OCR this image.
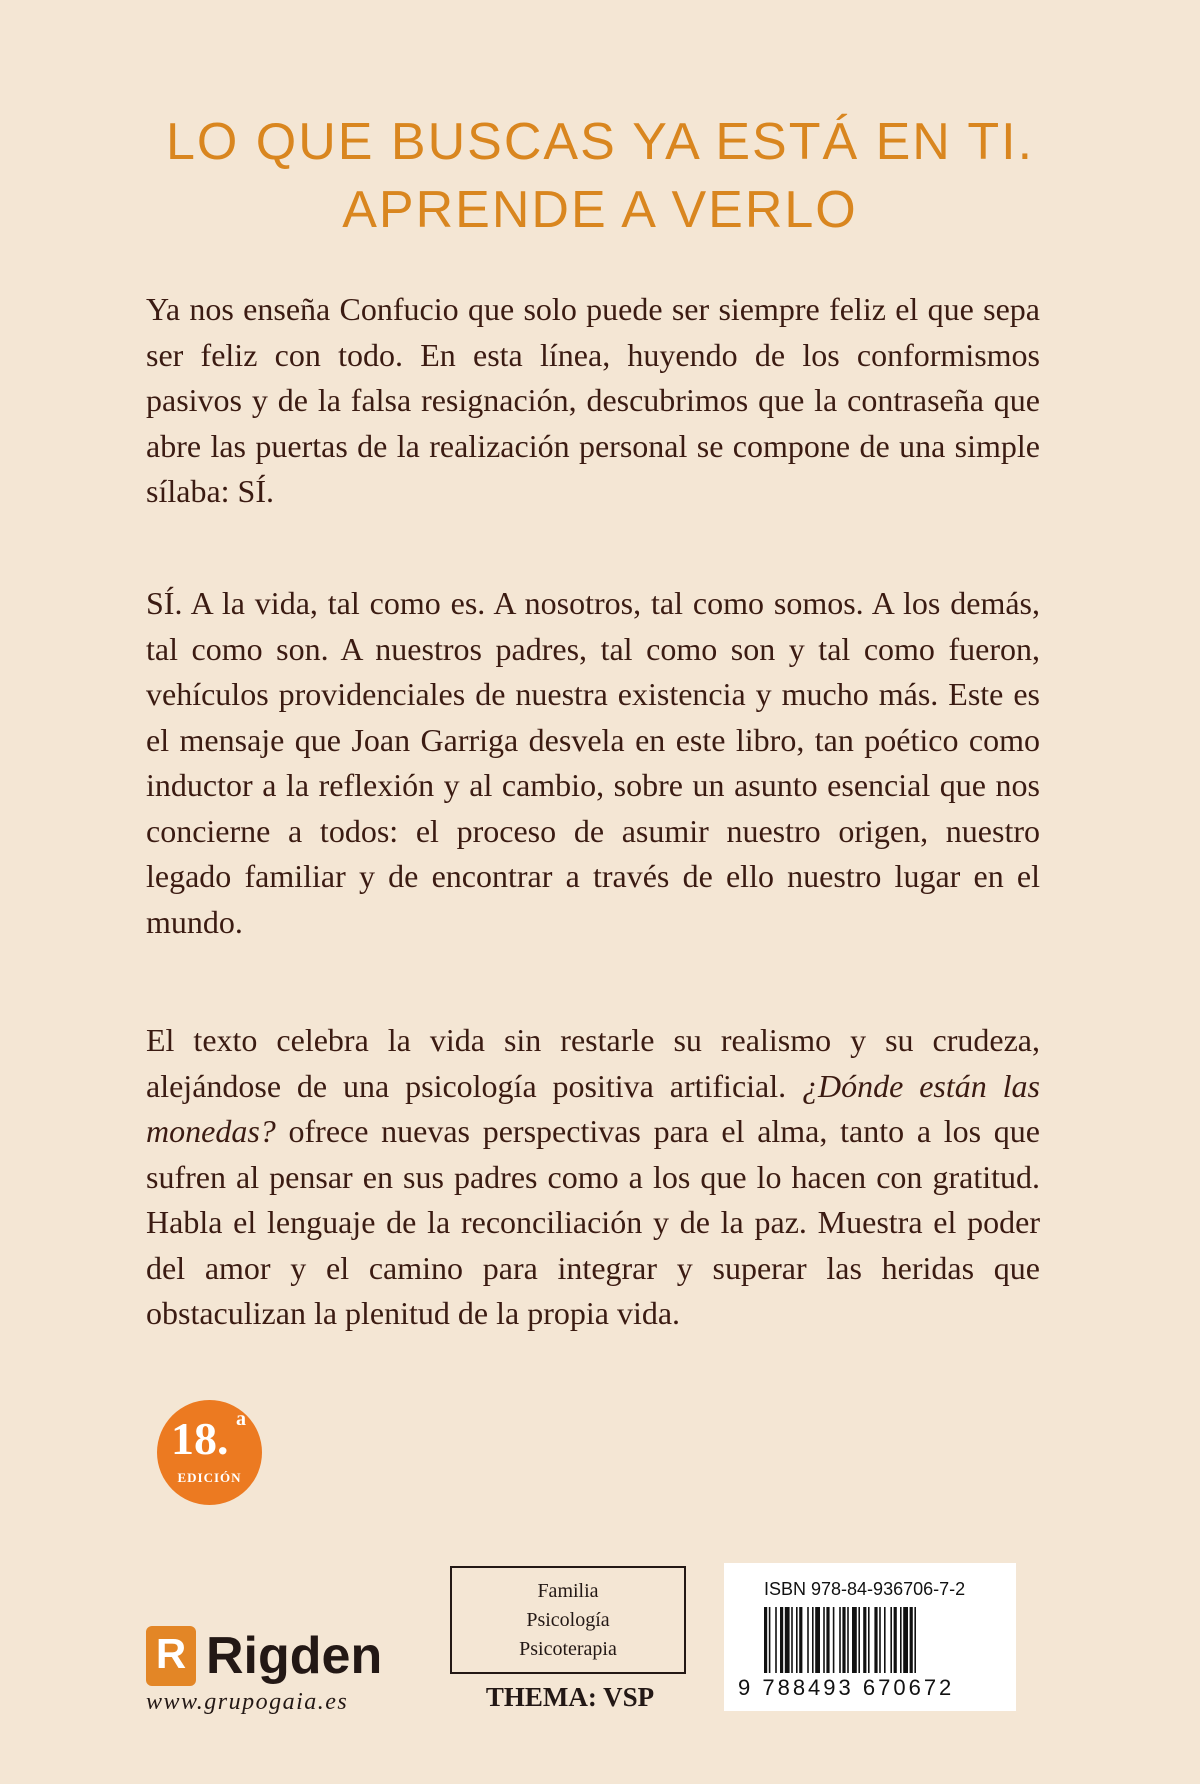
LO QUE BUSCAS YA ESTÁ EN TI.
APRENDE A VERLO

Ya nos enseña Confucio que solo puede ser siempre feliz el que sepa ser feliz con todo. En esta línea, huyendo de los conformismos pasivos y de la falsa resignación, descubrimos que la contraseña que abre las puertas de la realización personal se compone de una simple sílaba: SÍ.

SÍ. A la vida, tal como es. A nosotros, tal como somos. A los demás, tal como son. A nuestros padres, tal como son y tal como fueron, vehículos providenciales de nuestra existencia y mucho más. Este es el mensaje que Joan Garriga desvela en este libro, tan poético como inductor a la reflexión y al cambio, sobre un asunto esencial que nos concierne a todos: el proceso de asumir nuestro origen, nuestro legado familiar y de encontrar a través de ello nuestro lugar en el mundo.

El texto celebra la vida sin restarle su realismo y su crudeza, alejándose de una psicología positiva artificial. ¿Dónde están las monedas? ofrece nuevas perspectivas para el alma, tanto a los que sufren al pensar en sus padres como a los que lo hacen con gratitud. Habla el lenguaje de la reconciliación y de la paz. Muestra el poder del amor y el camino para integrar y superar las heridas que obstaculizan la plenitud de la propia vida.

18. a
EDICIÓN
R Rigden
www.grupogaia.es
Familia
Psicología
Psicoterapia
THEMA: VSP
ISBN 978-84-936706-7-2
9 788493 670672
